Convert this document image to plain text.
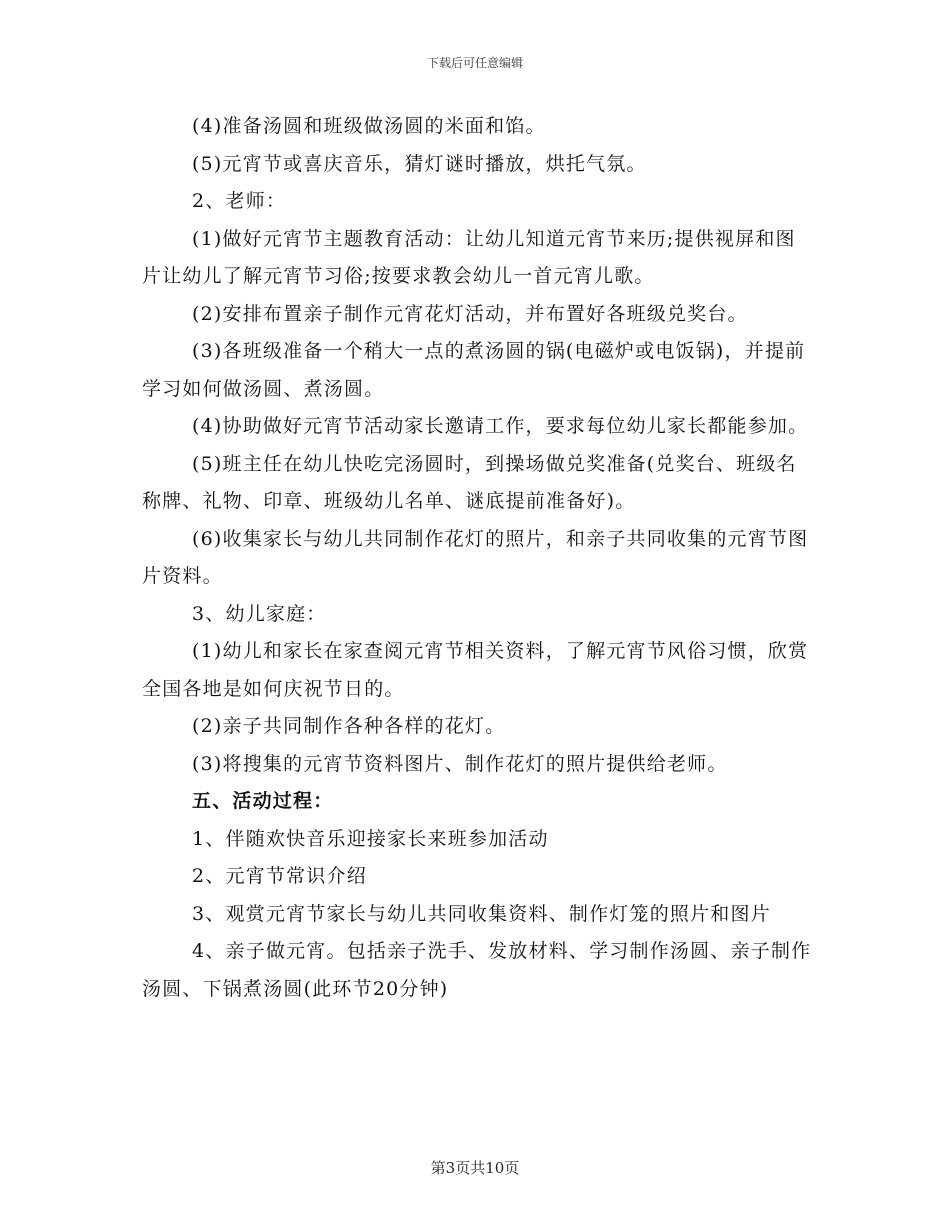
下载后可任意编辑

(4)准备汤圆和班级做汤圆的米面和馅。

(5)元宵节或喜庆音乐，猜灯谜时播放，烘托气氛。

2、老师：

(1)做好元宵节主题教育活动：让幼儿知道元宵节来历;提供视屏和图片让幼儿了解元宵节习俗;按要求教会幼儿一首元宵儿歌。

(2)安排布置亲子制作元宵花灯活动，并布置好各班级兑奖台。

(3)各班级准备一个稍大一点的煮汤圆的锅(电磁炉或电饭锅)，并提前学习如何做汤圆、煮汤圆。

(4)协助做好元宵节活动家长邀请工作，要求每位幼儿家长都能参加。

(5)班主任在幼儿快吃完汤圆时，到操场做兑奖准备(兑奖台、班级名称牌、礼物、印章、班级幼儿名单、谜底提前准备好)。

(6)收集家长与幼儿共同制作花灯的照片，和亲子共同收集的元宵节图片资料。

3、幼儿家庭：

(1)幼儿和家长在家查阅元宵节相关资料，了解元宵节风俗习惯，欣赏全国各地是如何庆祝节日的。

(2)亲子共同制作各种各样的花灯。

(3)将搜集的元宵节资料图片、制作花灯的照片提供给老师。

五、活动过程：

1、伴随欢快音乐迎接家长来班参加活动

2、元宵节常识介绍

3、观赏元宵节家长与幼儿共同收集资料、制作灯笼的照片和图片

4、亲子做元宵。包括亲子洗手、发放材料、学习制作汤圆、亲子制作汤圆、下锅煮汤圆(此环节20分钟)

第3页共10页
